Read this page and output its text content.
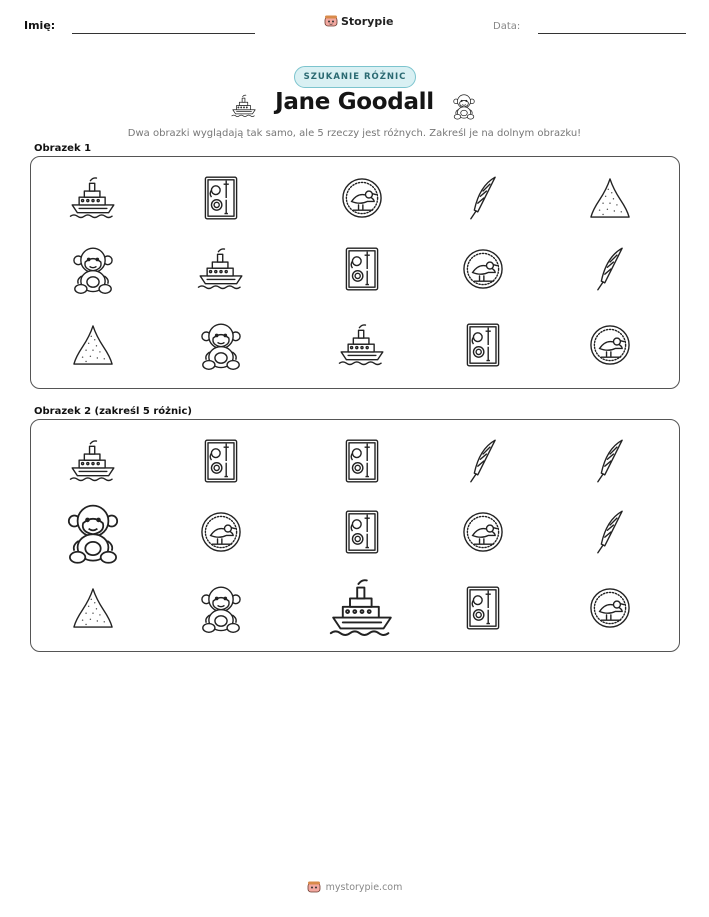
Imię:	Storypie	Data:
SZUKANIE RÓŻNIC
Jane Goodall
Dwa obrazki wyglądają tak samo, ale 5 rzeczy jest różnych. Zakreśl je na dolnym obrazku!
Obrazek 1
Obrazek 2 (zakreśl 5 różnic)
mystorypie.com
